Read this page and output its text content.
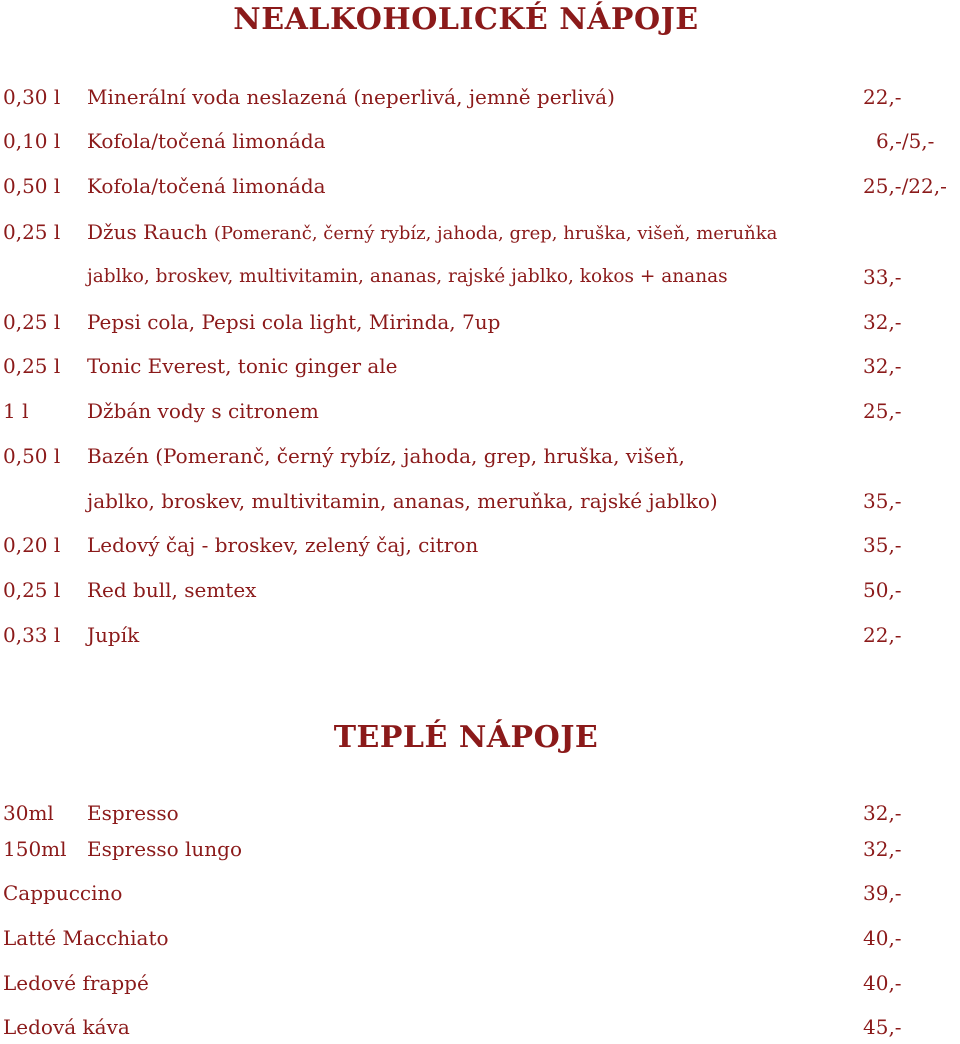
NEALKOHOLICKÉ NÁPOJE
0,30 l Minerální voda neslazená (neperlivá, jemně perlivá)	22,-
0,10 l Kofola/točená limonáda	6,-/5,-
0,50 l Kofola/točená limonáda	25,-/22,-
0,25 l Džus Rauch (Pomeranč, černý rybíz, jahoda, grep, hruška, višeň, meruňka
jablko, broskev, multivitamin, ananas, rajské jablko, kokos + ananas	33,-
0,25 l Pepsi cola, Pepsi cola light, Mirinda, 7up	32,-
0,25 l Tonic Everest, tonic ginger ale	32,-
1 l	Džbán vody s citronem	25,-
0,50 l Bazén (Pomeranč, černý rybíz, jahoda, grep, hruška, višeň,
jablko, broskev, multivitamin, ananas, meruňka, rajské jablko)	35,-
0,20 l Ledový čaj - broskev, zelený čaj, citron	35,-
0,25 l Red bull, semtex	50,-
0,33 l Jupík	22,-
TEPLÉ NÁPOJE
30ml Espresso	32,-
150ml Espresso lungo	32,-
Cappuccino	39,-
Latté Macchiato	40,-
Ledové frappé	40,-
Ledová káva	45,-
